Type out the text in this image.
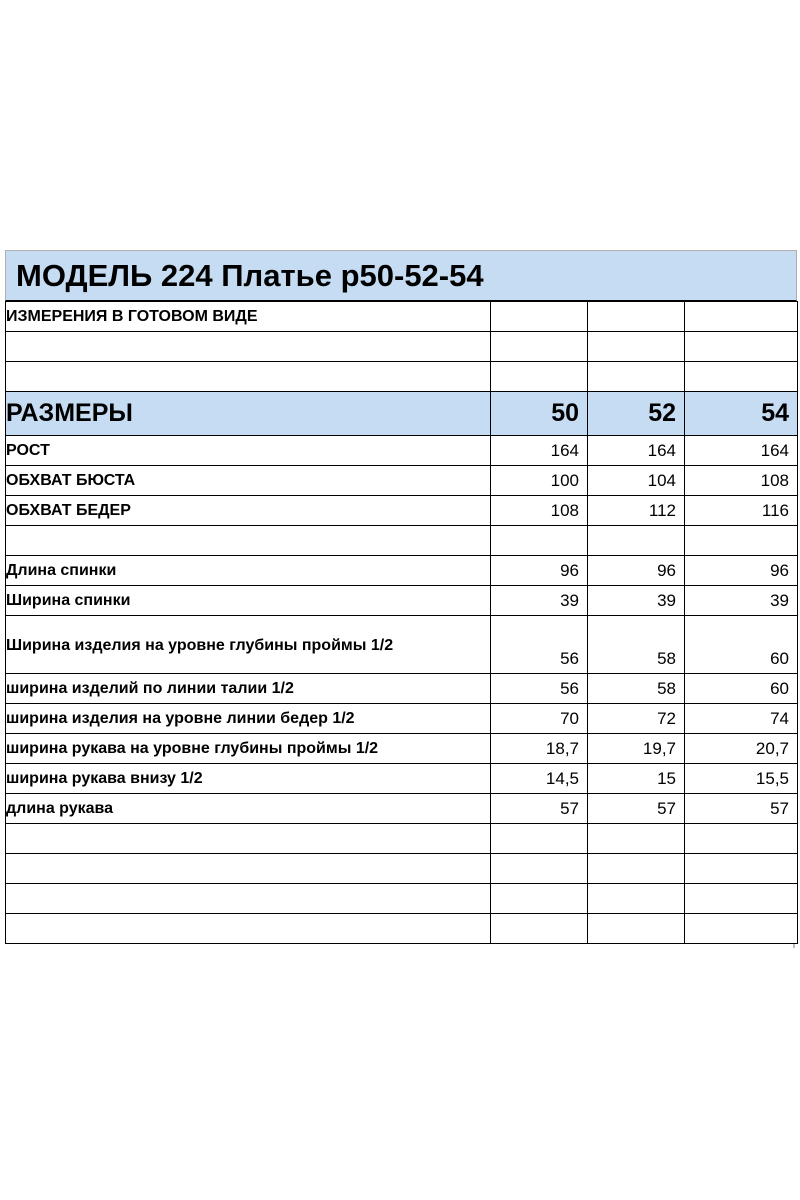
МОДЕЛЬ 224 Платье р50-52-54
ИЗМЕРЕНИЯ В ГОТОВОМ ВИДЕ			

РАЗМЕРЫ	50	52	54
РОСТ	164	164	164
ОБХВАТ БЮСТА	100	104	108
ОБХВАТ БЕДЕР	108	112	116

Длина спинки	96	96	96
Ширина спинки	39	39	39

Ширина изделия на уровне глубины проймы 1/2	56	58	60
ширина изделий по линии талии 1/2	56	58	60
ширина изделия на уровне линии бедер 1/2	70	72	74
ширина рукава на уровне глубины проймы 1/2	18,7	19,7	20,7
ширина рукава внизу 1/2	14,5	15	15,5
длина рукава	57	57	57
